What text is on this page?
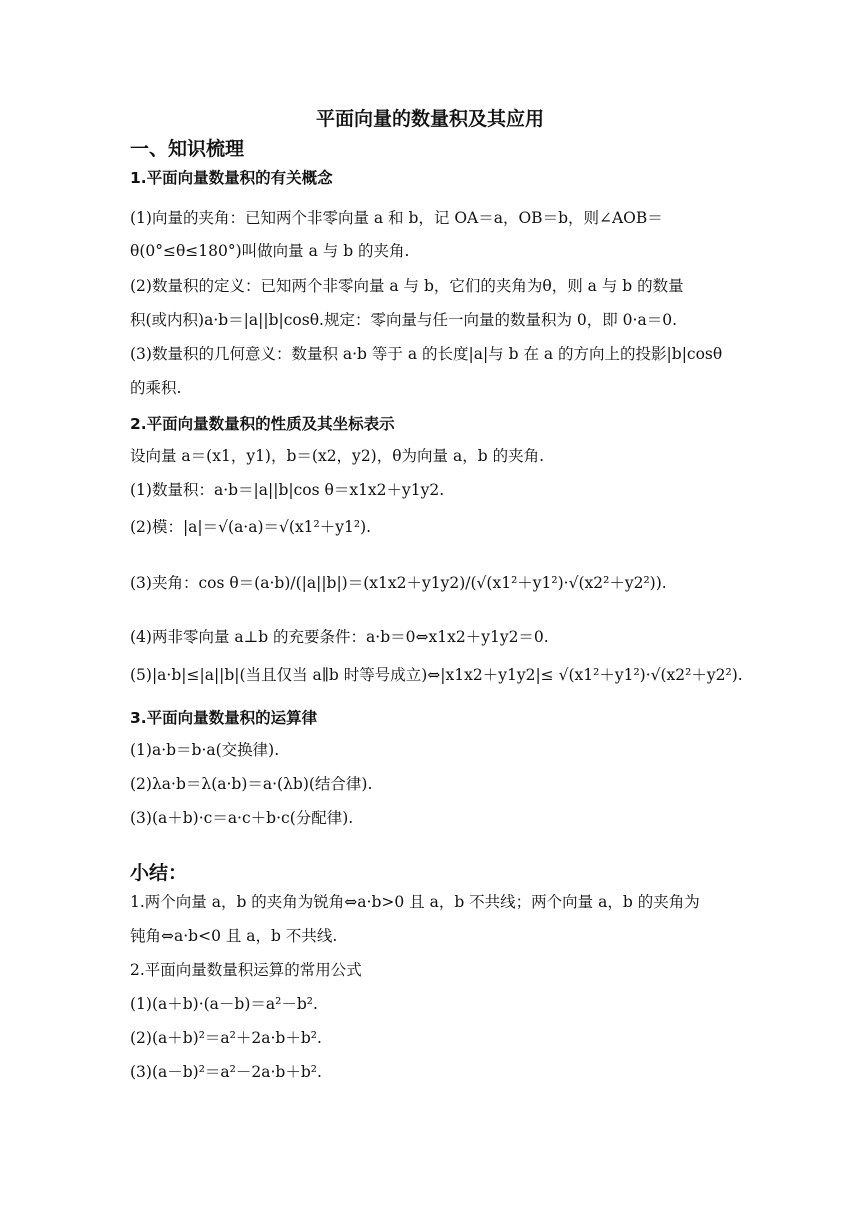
平面向量的数量积及其应用
一、知识梳理
1.平面向量数量积的有关概念
(1)向量的夹角：已知两个非零向量 a 和 b，记 OA＝a，OB＝b，则∠AOB＝
θ(0°≤θ≤180°)叫做向量 a 与 b 的夹角.
(2)数量积的定义：已知两个非零向量 a 与 b，它们的夹角为θ，则 a 与 b 的数量
积(或内积)a·b＝|a||b|cosθ.规定：零向量与任一向量的数量积为 0，即 0·a＝0.
(3)数量积的几何意义：数量积 a·b 等于 a 的长度|a|与 b 在 a 的方向上的投影|b|cosθ
的乘积.
2.平面向量数量积的性质及其坐标表示
设向量 a＝(x1，y1)，b＝(x2，y2)，θ为向量 a，b 的夹角.
(1)数量积：a·b＝|a||b|cos θ＝x1x2＋y1y2.
(2)模：|a|＝√(a·a)＝√(x1²＋y1²).
(3)夹角：cos θ＝(a·b)/(|a||b|)＝(x1x2＋y1y2)/(√(x1²＋y1²)·√(x2²＋y2²)).
(4)两非零向量 a⊥b 的充要条件：a·b＝0⇔x1x2＋y1y2＝0.
(5)|a·b|≤|a||b|(当且仅当 a∥b 时等号成立)⇔|x1x2＋y1y2|≤ √(x1²＋y1²)·√(x2²＋y2²).
3.平面向量数量积的运算律
(1)a·b＝b·a(交换律).
(2)λa·b＝λ(a·b)＝a·(λb)(结合律).
(3)(a＋b)·c＝a·c＋b·c(分配律).
小结：
1.两个向量 a，b 的夹角为锐角⇔a·b>0 且 a，b 不共线；两个向量 a，b 的夹角为
钝角⇔a·b<0 且 a，b 不共线.
2.平面向量数量积运算的常用公式
(1)(a＋b)·(a－b)＝a²－b².
(2)(a＋b)²＝a²＋2a·b＋b².
(3)(a－b)²＝a²－2a·b＋b².
